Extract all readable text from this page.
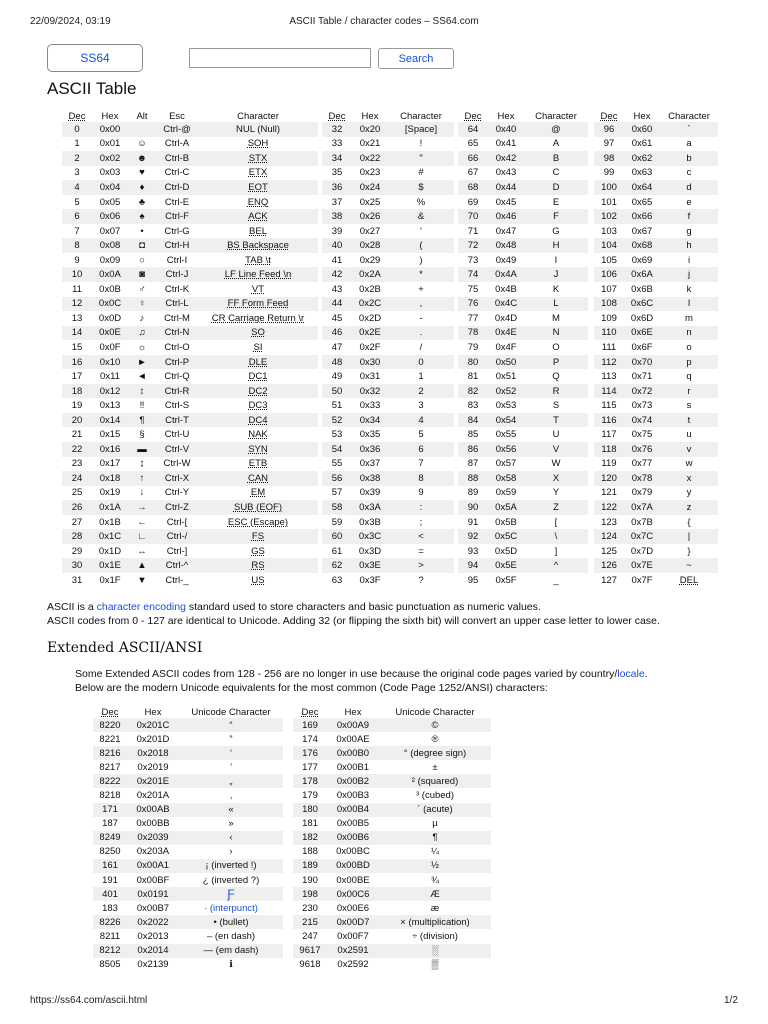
22/09/2024, 03:19	ASCII Table / character codes – SS64.com
SS64	Search
ASCII Table
Dec	Hex	Alt	Esc	Character
0	0x00		Ctrl-@	NUL (Null)
1	0x01	☺	Ctrl-A	SOH
2	0x02	☻	Ctrl-B	STX
3	0x03	♥	Ctrl-C	ETX
4	0x04	♦	Ctrl-D	EOT
5	0x05	♣	Ctrl-E	ENQ
6	0x06	♠	Ctrl-F	ACK
7	0x07	•	Ctrl-G	BEL
8	0x08	◘	Ctrl-H	BS Backspace
9	0x09	○	Ctrl-I	TAB \t
10	0x0A	◙	Ctrl-J	LF Line Feed \n
11	0x0B	♂	Ctrl-K	VT
12	0x0C	♀	Ctrl-L	FF Form Feed
13	0x0D	♪	Ctrl-M	CR Carriage Return \r
14	0x0E	♫	Ctrl-N	SO
15	0x0F	☼	Ctrl-O	SI
16	0x10	►	Ctrl-P	DLE
17	0x11	◄	Ctrl-Q	DC1
18	0x12	↕	Ctrl-R	DC2
19	0x13	‼	Ctrl-S	DC3
20	0x14	¶	Ctrl-T	DC4
21	0x15	§	Ctrl-U	NAK
22	0x16	▬	Ctrl-V	SYN
23	0x17	↨	Ctrl-W	ETB
24	0x18	↑	Ctrl-X	CAN
25	0x19	↓	Ctrl-Y	EM
26	0x1A	→	Ctrl-Z	SUB (EOF)
27	0x1B	←	Ctrl-[	ESC (Escape)
28	0x1C	∟	Ctrl-/	FS
29	0x1D	↔	Ctrl-]	GS
30	0x1E	▲	Ctrl-^	RS
31	0x1F	▼	Ctrl-_	US
Dec	Hex	Character
32	0x20	[Space]
33	0x21	!
34	0x22	"
35	0x23	#
36	0x24	$
37	0x25	%
38	0x26	&
39	0x27	'
40	0x28	(
41	0x29	)
42	0x2A	*
43	0x2B	+
44	0x2C	,
45	0x2D	-
46	0x2E	.
47	0x2F	/
48	0x30	0
49	0x31	1
50	0x32	2
51	0x33	3
52	0x34	4
53	0x35	5
54	0x36	6
55	0x37	7
56	0x38	8
57	0x39	9
58	0x3A	:
59	0x3B	;
60	0x3C	<
61	0x3D	=
62	0x3E	>
63	0x3F	?
Dec	Hex	Character
64	0x40	@
65	0x41	A
66	0x42	B
67	0x43	C
68	0x44	D
69	0x45	E
70	0x46	F
71	0x47	G
72	0x48	H
73	0x49	I
74	0x4A	J
75	0x4B	K
76	0x4C	L
77	0x4D	M
78	0x4E	N
79	0x4F	O
80	0x50	P
81	0x51	Q
82	0x52	R
83	0x53	S
84	0x54	T
85	0x55	U
86	0x56	V
87	0x57	W
88	0x58	X
89	0x59	Y
90	0x5A	Z
91	0x5B	[
92	0x5C	\
93	0x5D	]
94	0x5E	^
95	0x5F	_
Dec	Hex	Character
96	0x60	`
97	0x61	a
98	0x62	b
99	0x63	c
100	0x64	d
101	0x65	e
102	0x66	f
103	0x67	g
104	0x68	h
105	0x69	i
106	0x6A	j
107	0x6B	k
108	0x6C	l
109	0x6D	m
110	0x6E	n
111	0x6F	o
112	0x70	p
113	0x71	q
114	0x72	r
115	0x73	s
116	0x74	t
117	0x75	u
118	0x76	v
119	0x77	w
120	0x78	x
121	0x79	y
122	0x7A	z
123	0x7B	{
124	0x7C	|
125	0x7D	}
126	0x7E	~
127	0x7F	DEL
ASCII is a character encoding standard used to store characters and basic punctuation as numeric values.
ASCII codes from 0 - 127 are identical to Unicode. Adding 32 (or flipping the sixth bit) will convert an upper case letter to lower case.
Extended ASCII/ANSI
Some Extended ASCII codes from 128 - 256 are no longer in use because the original code pages varied by country/locale.
Below are the modern Unicode equivalents for the most common (Code Page 1252/ANSI) characters:
Dec	Hex	Unicode Character
8220	0x201C	“
8221	0x201D	”
8216	0x2018	‘
8217	0x2019	’
8222	0x201E	„
8218	0x201A	‚
171	0x00AB	«
187	0x00BB	»
8249	0x2039	‹
8250	0x203A	›
161	0x00A1	¡ (inverted !)
191	0x00BF	¿ (inverted ?)
401	0x0191	Ƒ
183	0x00B7	· (interpunct)
8226	0x2022	• (bullet)
8211	0x2013	– (en dash)
8212	0x2014	— (em dash)
8505	0x2139	ℹ
Dec	Hex	Unicode Character
169	0x00A9	©
174	0x00AE	®
176	0x00B0	° (degree sign)
177	0x00B1	±
178	0x00B2	² (squared)
179	0x00B3	³ (cubed)
180	0x00B4	´ (acute)
181	0x00B5	µ
182	0x00B6	¶
188	0x00BC	¼
189	0x00BD	½
190	0x00BE	¾
198	0x00C6	Æ
230	0x00E6	æ
215	0x00D7	× (multiplication)
247	0x00F7	÷ (division)
9617	0x2591	░
9618	0x2592	▒
https://ss64.com/ascii.html	1/2
